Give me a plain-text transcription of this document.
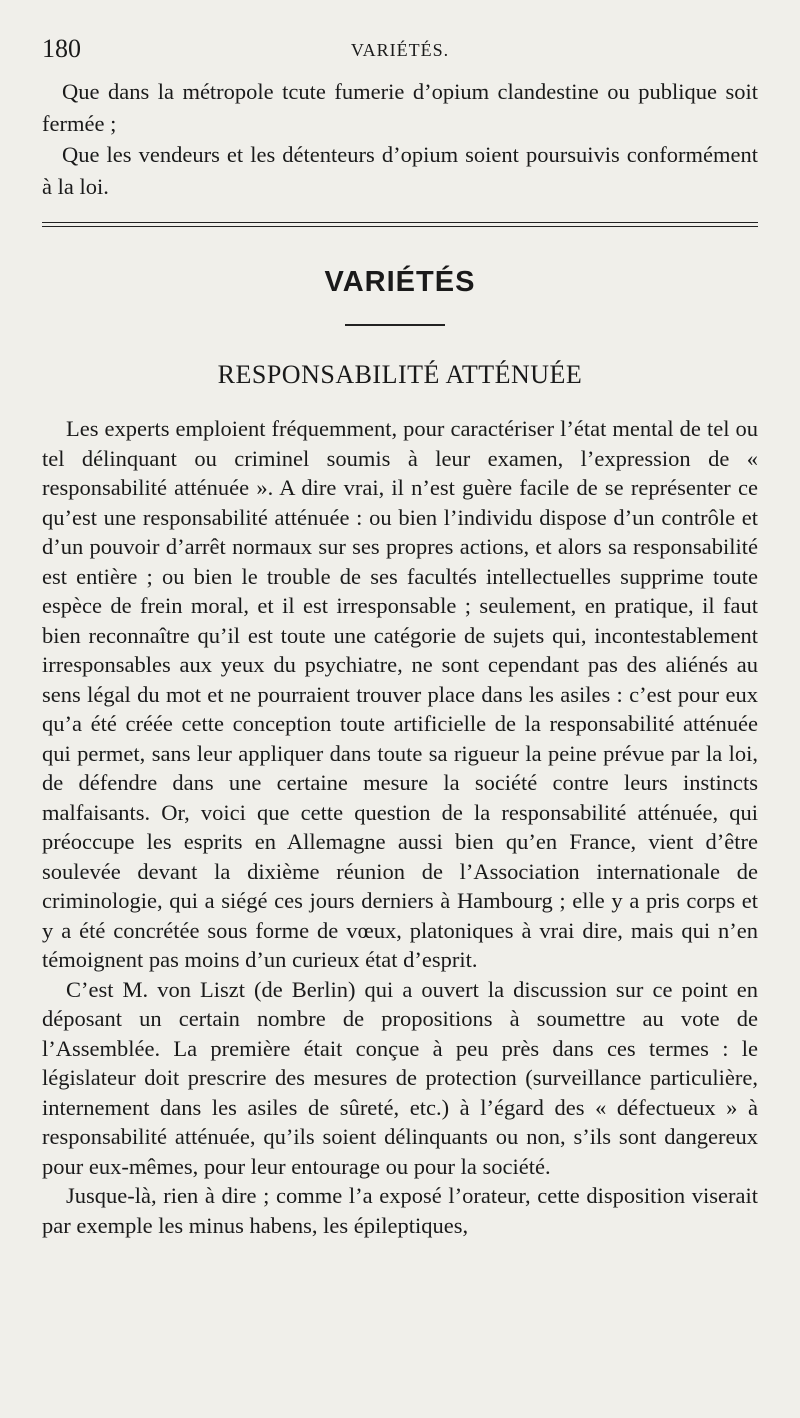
180	VARIÉTÉS.

Que dans la métropole tcute fumerie d’opium clandestine ou publique soit fermée ;

Que les vendeurs et les détenteurs d’opium soient poursuivis conformément à la loi.

VARIÉTÉS
RESPONSABILITÉ ATTÉNUÉE

Les experts emploient fréquemment, pour caractériser l’état mental de tel ou tel délinquant ou criminel soumis à leur examen, l’expression de « responsabilité atténuée ». A dire vrai, il n’est guère facile de se représenter ce qu’est une responsabilité atténuée : ou bien l’individu dispose d’un contrôle et d’un pouvoir d’arrêt normaux sur ses propres actions, et alors sa responsabilité est entière ; ou bien le trouble de ses facultés intellectuelles supprime toute espèce de frein moral, et il est irresponsable ; seulement, en pratique, il faut bien reconnaître qu’il est toute une catégorie de sujets qui, incontestablement irresponsables aux yeux du psychiatre, ne sont cependant pas des aliénés au sens légal du mot et ne pourraient trouver place dans les asiles : c’est pour eux qu’a été créée cette conception toute artificielle de la responsabilité atténuée qui permet, sans leur appliquer dans toute sa rigueur la peine prévue par la loi, de défendre dans une certaine mesure la société contre leurs instincts malfaisants. Or, voici que cette question de la responsabilité atténuée, qui préoccupe les esprits en Allemagne aussi bien qu’en France, vient d’être soulevée devant la dixième réunion de l’Association internationale de criminologie, qui a siégé ces jours derniers à Hambourg ; elle y a pris corps et y a été concrétée sous forme de vœux, platoniques à vrai dire, mais qui n’en témoignent pas moins d’un curieux état d’esprit.

C’est M. von Liszt (de Berlin) qui a ouvert la discussion sur ce point en déposant un certain nombre de propositions à soumettre au vote de l’Assemblée. La première était conçue à peu près dans ces termes : le législateur doit prescrire des mesures de protection (surveillance particulière, internement dans les asiles de sûreté, etc.) à l’égard des « défectueux » à responsabilité atténuée, qu’ils soient délinquants ou non, s’ils sont dangereux pour eux-mêmes, pour leur entourage ou pour la société.

Jusque-là, rien à dire ; comme l’a exposé l’orateur, cette disposition viserait par exemple les minus habens, les épileptiques,
